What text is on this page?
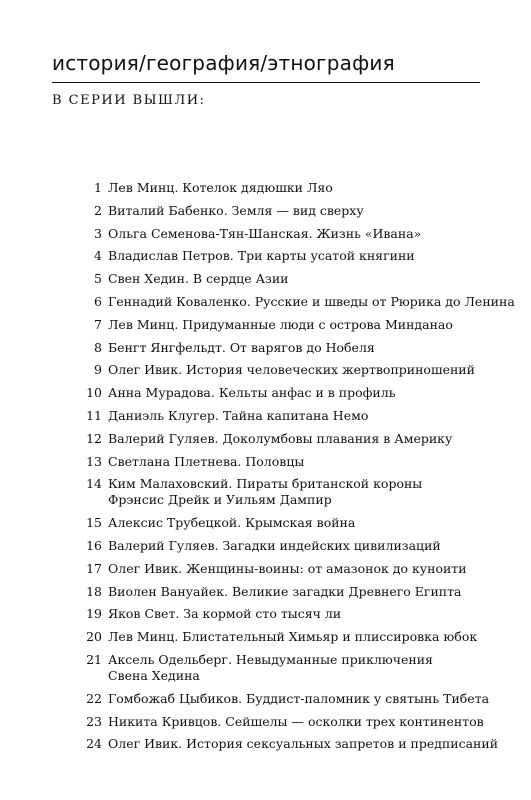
история/география/этнография
В СЕРИИ ВЫШЛИ:
1 Лев Минц. Котелок дядюшки Ляо
2 Виталий Бабенко. Земля — вид сверху
3 Ольга Семенова-Тян-Шанская. Жизнь «Ивана»
4 Владислав Петров. Три карты усатой княгини
5 Свен Хедин. В сердце Азии
6 Геннадий Коваленко. Русские и шведы от Рюрика до Ленина
7 Лев Минц. Придуманные люди с острова Минданао
8 Бенгт Янгфельдт. От варягов до Нобеля
9 Олег Ивик. История человеческих жертвоприношений
10 Анна Мурадова. Кельты анфас и в профиль
11 Даниэль Клугер. Тайна капитана Немо
12 Валерий Гуляев. Доколумбовы плавания в Америку
13 Светлана Плетнева. Половцы
14 Ким Малаховский. Пираты британской короны
Фрэнсис Дрейк и Уильям Дампир
15 Алексис Трубецкой. Крымская война
16 Валерий Гуляев. Загадки индейских цивилизаций
17 Олег Ивик. Женщины-воины: от амазонок до куноити
18 Виолен Вануайек. Великие загадки Древнего Египта
19 Яков Свет. За кормой сто тысяч ли
20 Лев Минц. Блистательный Химьяр и плиссировка юбок
21 Аксель Одельберг. Невыдуманные приключения
Свена Хедина
22 Гомбожаб Цыбиков. Буддист-паломник у святынь Тибета
23 Никита Кривцов. Сейшелы — осколки трех континентов
24 Олег Ивик. История сексуальных запретов и предписаний
